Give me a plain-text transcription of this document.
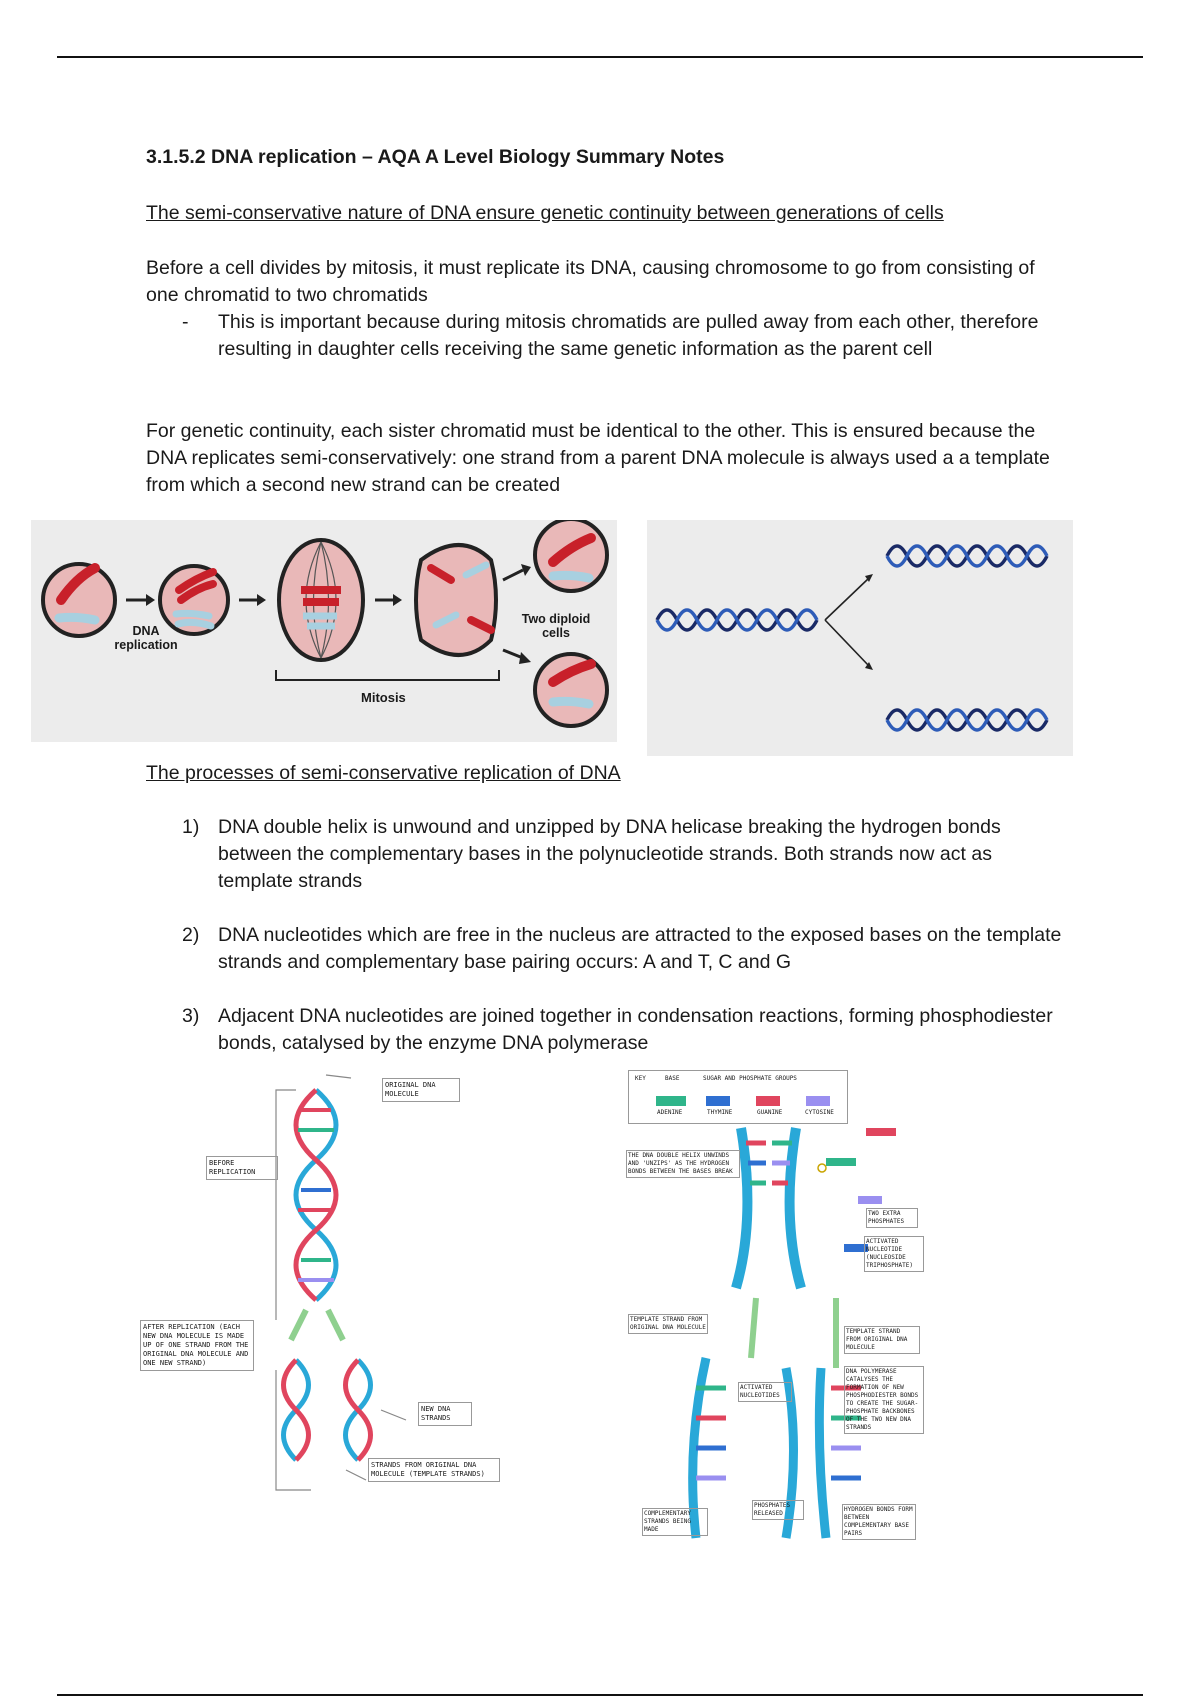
3.1.5.2 DNA replication – AQA A Level Biology Summary Notes
The semi-conservative nature of DNA ensure genetic continuity between generations of cells
Before a cell divides by mitosis, it must replicate its DNA, causing chromosome to go from consisting of one chromatid to two chromatids
- This is important because during mitosis chromatids are pulled away from each other, therefore resulting in daughter cells receiving the same genetic information as the parent cell
For genetic continuity, each sister chromatid must be identical to the other. This is ensured because the DNA replicates semi-conservatively: one strand from a parent DNA molecule is always used a a template from which a second new strand can be created
DNA replication
Two diploid cells
Mitosis
The processes of semi-conservative replication of DNA
1) DNA double helix is unwound and unzipped by DNA helicase breaking the hydrogen bonds between the complementary bases in the polynucleotide strands. Both strands now act as template strands
2) DNA nucleotides which are free in the nucleus are attracted to the exposed bases on the template strands and complementary base pairing occurs: A and T, C and G
3) Adjacent DNA nucleotides are joined together in condensation reactions, forming phosphodiester bonds, catalysed by the enzyme DNA polymerase
ORIGINAL DNA MOLECULE
BEFORE REPLICATION
AFTER REPLICATION (EACH NEW DNA MOLECULE IS MADE UP OF ONE STRAND FROM THE ORIGINAL DNA MOLECULE AND ONE NEW STRAND)
NEW DNA STRANDS
STRANDS FROM ORIGINAL DNA MOLECULE (TEMPLATE STRANDS)
KEY	BASE	SUGAR AND PHOSPHATE GROUPS
ADENINE	THYMINE	GUANINE	CYTOSINE
THE DNA DOUBLE HELIX UNWINDS AND 'UNZIPS' AS THE HYDROGEN BONDS BETWEEN THE BASES BREAK
TWO EXTRA PHOSPHATES
ACTIVATED NUCLEOTIDE (NUCLEOSIDE TRIPHOSPHATE)
TEMPLATE STRAND FROM ORIGINAL DNA MOLECULE
TEMPLATE STRAND FROM ORIGINAL DNA MOLECULE
ACTIVATED NUCLEOTIDES
DNA POLYMERASE CATALYSES THE FORMATION OF NEW PHOSPHODIESTER BONDS TO CREATE THE SUGAR-PHOSPHATE BACKBONES OF THE TWO NEW DNA STRANDS
COMPLEMENTARY STRANDS BEING MADE
PHOSPHATES RELEASED
HYDROGEN BONDS FORM BETWEEN COMPLEMENTARY BASE PAIRS
